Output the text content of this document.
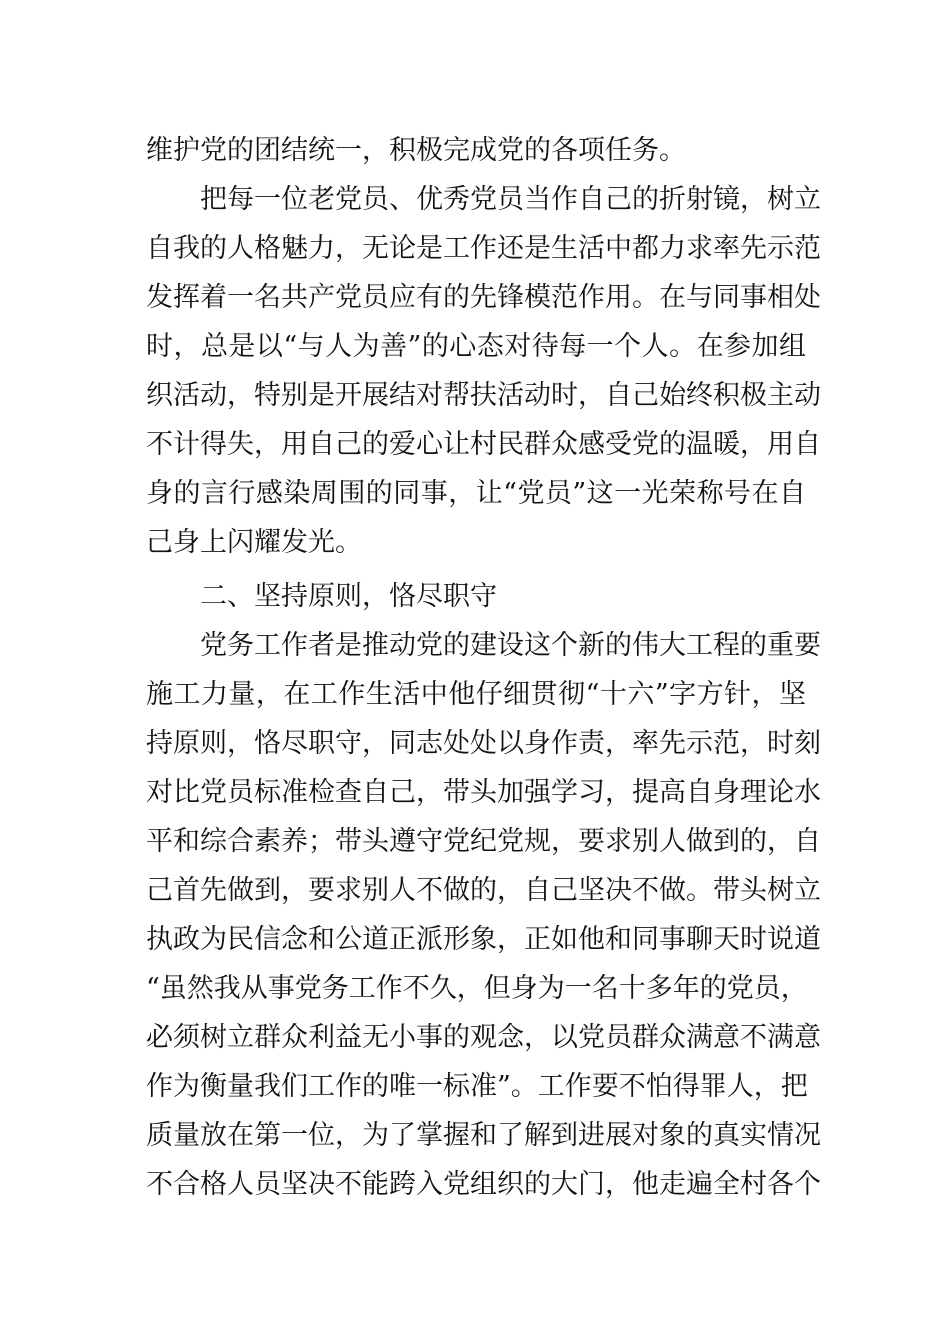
维护党的团结统一，积极完成党的各项任务。
把每一位老党员、优秀党员当作自己的折射镜，树立
自我的人格魅力，无论是工作还是生活中都力求率先示范
发挥着一名共产党员应有的先锋模范作用。在与同事相处
时，总是以“与人为善”的心态对待每一个人。在参加组
织活动，特别是开展结对帮扶活动时，自己始终积极主动
不计得失，用自己的爱心让村民群众感受党的温暖，用自
身的言行感染周围的同事，让“党员”这一光荣称号在自
己身上闪耀发光。
二、坚持原则，恪尽职守
党务工作者是推动党的建设这个新的伟大工程的重要
施工力量，在工作生活中他仔细贯彻“十六”字方针，坚
持原则，恪尽职守，同志处处以身作责，率先示范，时刻
对比党员标准检查自己，带头加强学习，提高自身理论水
平和综合素养；带头遵守党纪党规，要求别人做到的，自
己首先做到，要求别人不做的，自己坚决不做。带头树立
执政为民信念和公道正派形象，正如他和同事聊天时说道
“虽然我从事党务工作不久，但身为一名十多年的党员，
必须树立群众利益无小事的观念，以党员群众满意不满意
作为衡量我们工作的唯一标准”。工作要不怕得罪人，把
质量放在第一位，为了掌握和了解到进展对象的真实情况
不合格人员坚决不能跨入党组织的大门，他走遍全村各个
